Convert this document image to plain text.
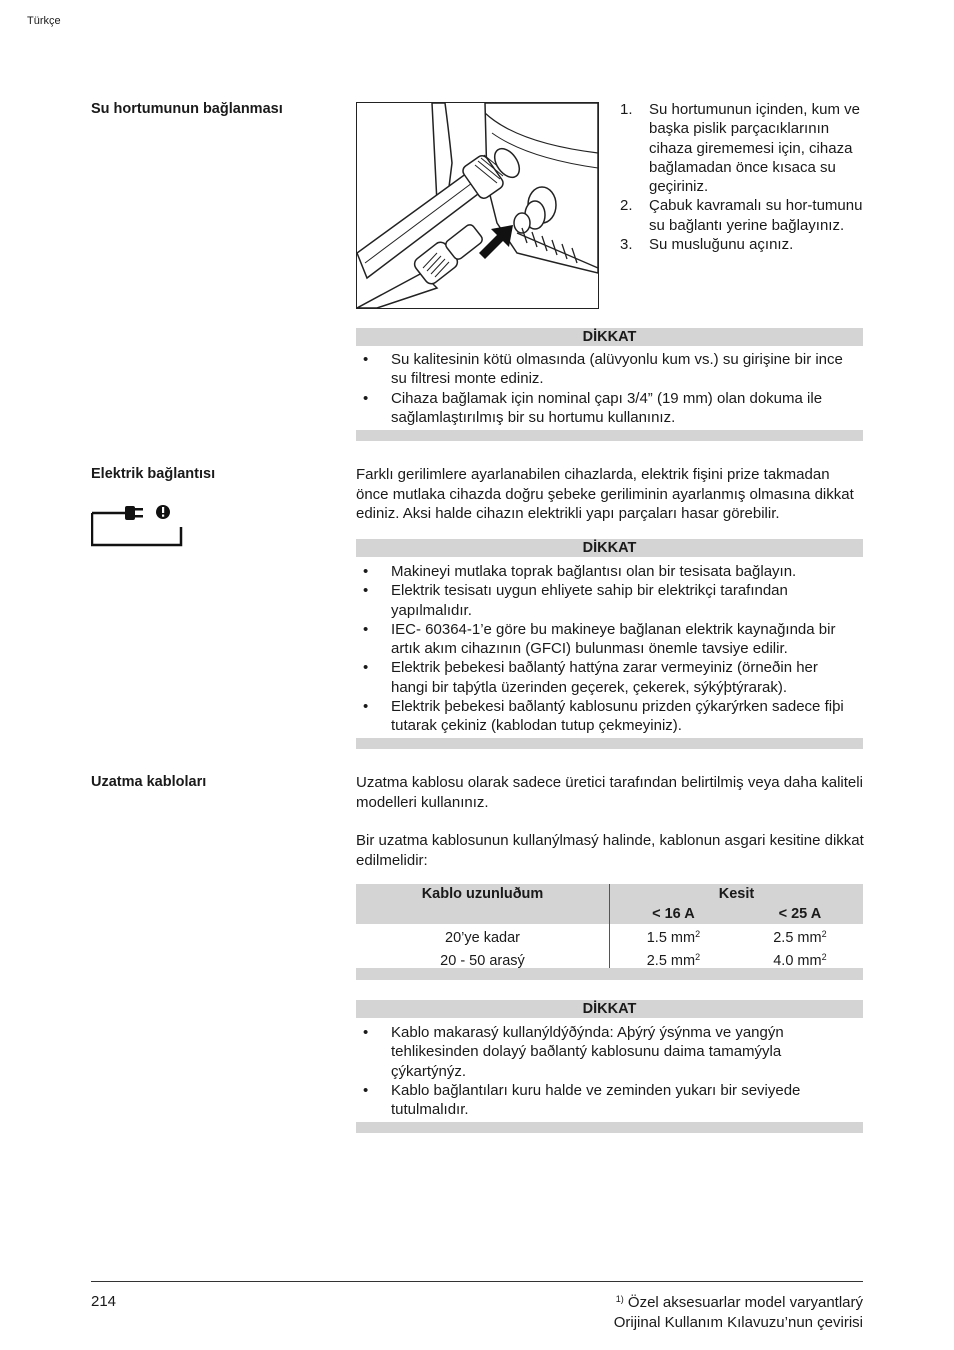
Türkçe
Su hortumunun bağlanması	1. Su hortumunun içinden, kum ve başka pislik parçacıklarının cihaza girememesi için, cihaza bağlamadan önce kısaca su geçiriniz.
2. Çabuk kavramalı su hor-tumunu su bağlantı yerine bağlayınız.
3. Su musluğunu açınız.
DİKKAT
• Su kalitesinin kötü olmasında (alüvyonlu kum vs.) su girişine bir ince su filtresi monte ediniz.
• Cihaza bağlamak için nominal çapı 3/4” (19 mm) olan dokuma ile sağlamlaştırılmış bir su hortumu kullanınız.
Elektrik bağlantısı	Farklı gerilimlere ayarlanabilen cihazlarda, elektrik fişini prize takmadan önce mutlaka cihazda doğru şebeke geriliminin ayarlanmış olmasına dikkat ediniz. Aksi halde cihazın elektrikli yapı parçaları hasar görebilir.
DİKKAT
• Makineyi mutlaka toprak bağlantısı olan bir tesisata bağlayın.
• Elektrik tesisatı uygun ehliyete sahip bir elektrikçi tarafından yapılmalıdır.
• IEC- 60364-1’e göre bu makineye bağlanan elektrik kaynağında bir artık akım cihazının (GFCI) bulunması önemle tavsiye edilir.
• Elektrik þebekesi baðlantý hattýna zarar vermeyiniz (örneðin her hangi bir taþýtla üzerinden geçerek, çekerek, sýkýþtýrarak).
• Elektrik þebekesi baðlantý kablosunu prizden çýkarýrken sadece fiþi tutarak çekiniz (kablodan tutup çekmeyiniz).
Uzatma kabloları	Uzatma kablosu olarak sadece üretici tarafından belirtilmiş veya daha kaliteli modelleri kullanınız.
Bir uzatma kablosunun kullanýlmasý halinde, kablonun asgari kesitine dikkat edilmelidir:
Kablo uzunluðum	Kesit	
	< 16 A	< 25 A
20’ye kadar	1.5 $mm^2$	2.5 $mm^2$
20 - 50 arasý	2.5 $mm^2$	4.0 $mm^2$
DİKKAT
• Kablo makarasý kullanýldýðýnda: Aþýrý ýsýnma ve yangýn tehlikesinden dolayý baðlantý kablosunu daima tamamýyla çýkartýnýz.
• Kablo bağlantıları kuru halde ve zeminden yukarı bir seviyede tutulmalıdır.
214	$^{1)}$ Özel aksesuarlar model varyantlarý
Orijinal Kullanım Kılavuzu’nun çevirisi
